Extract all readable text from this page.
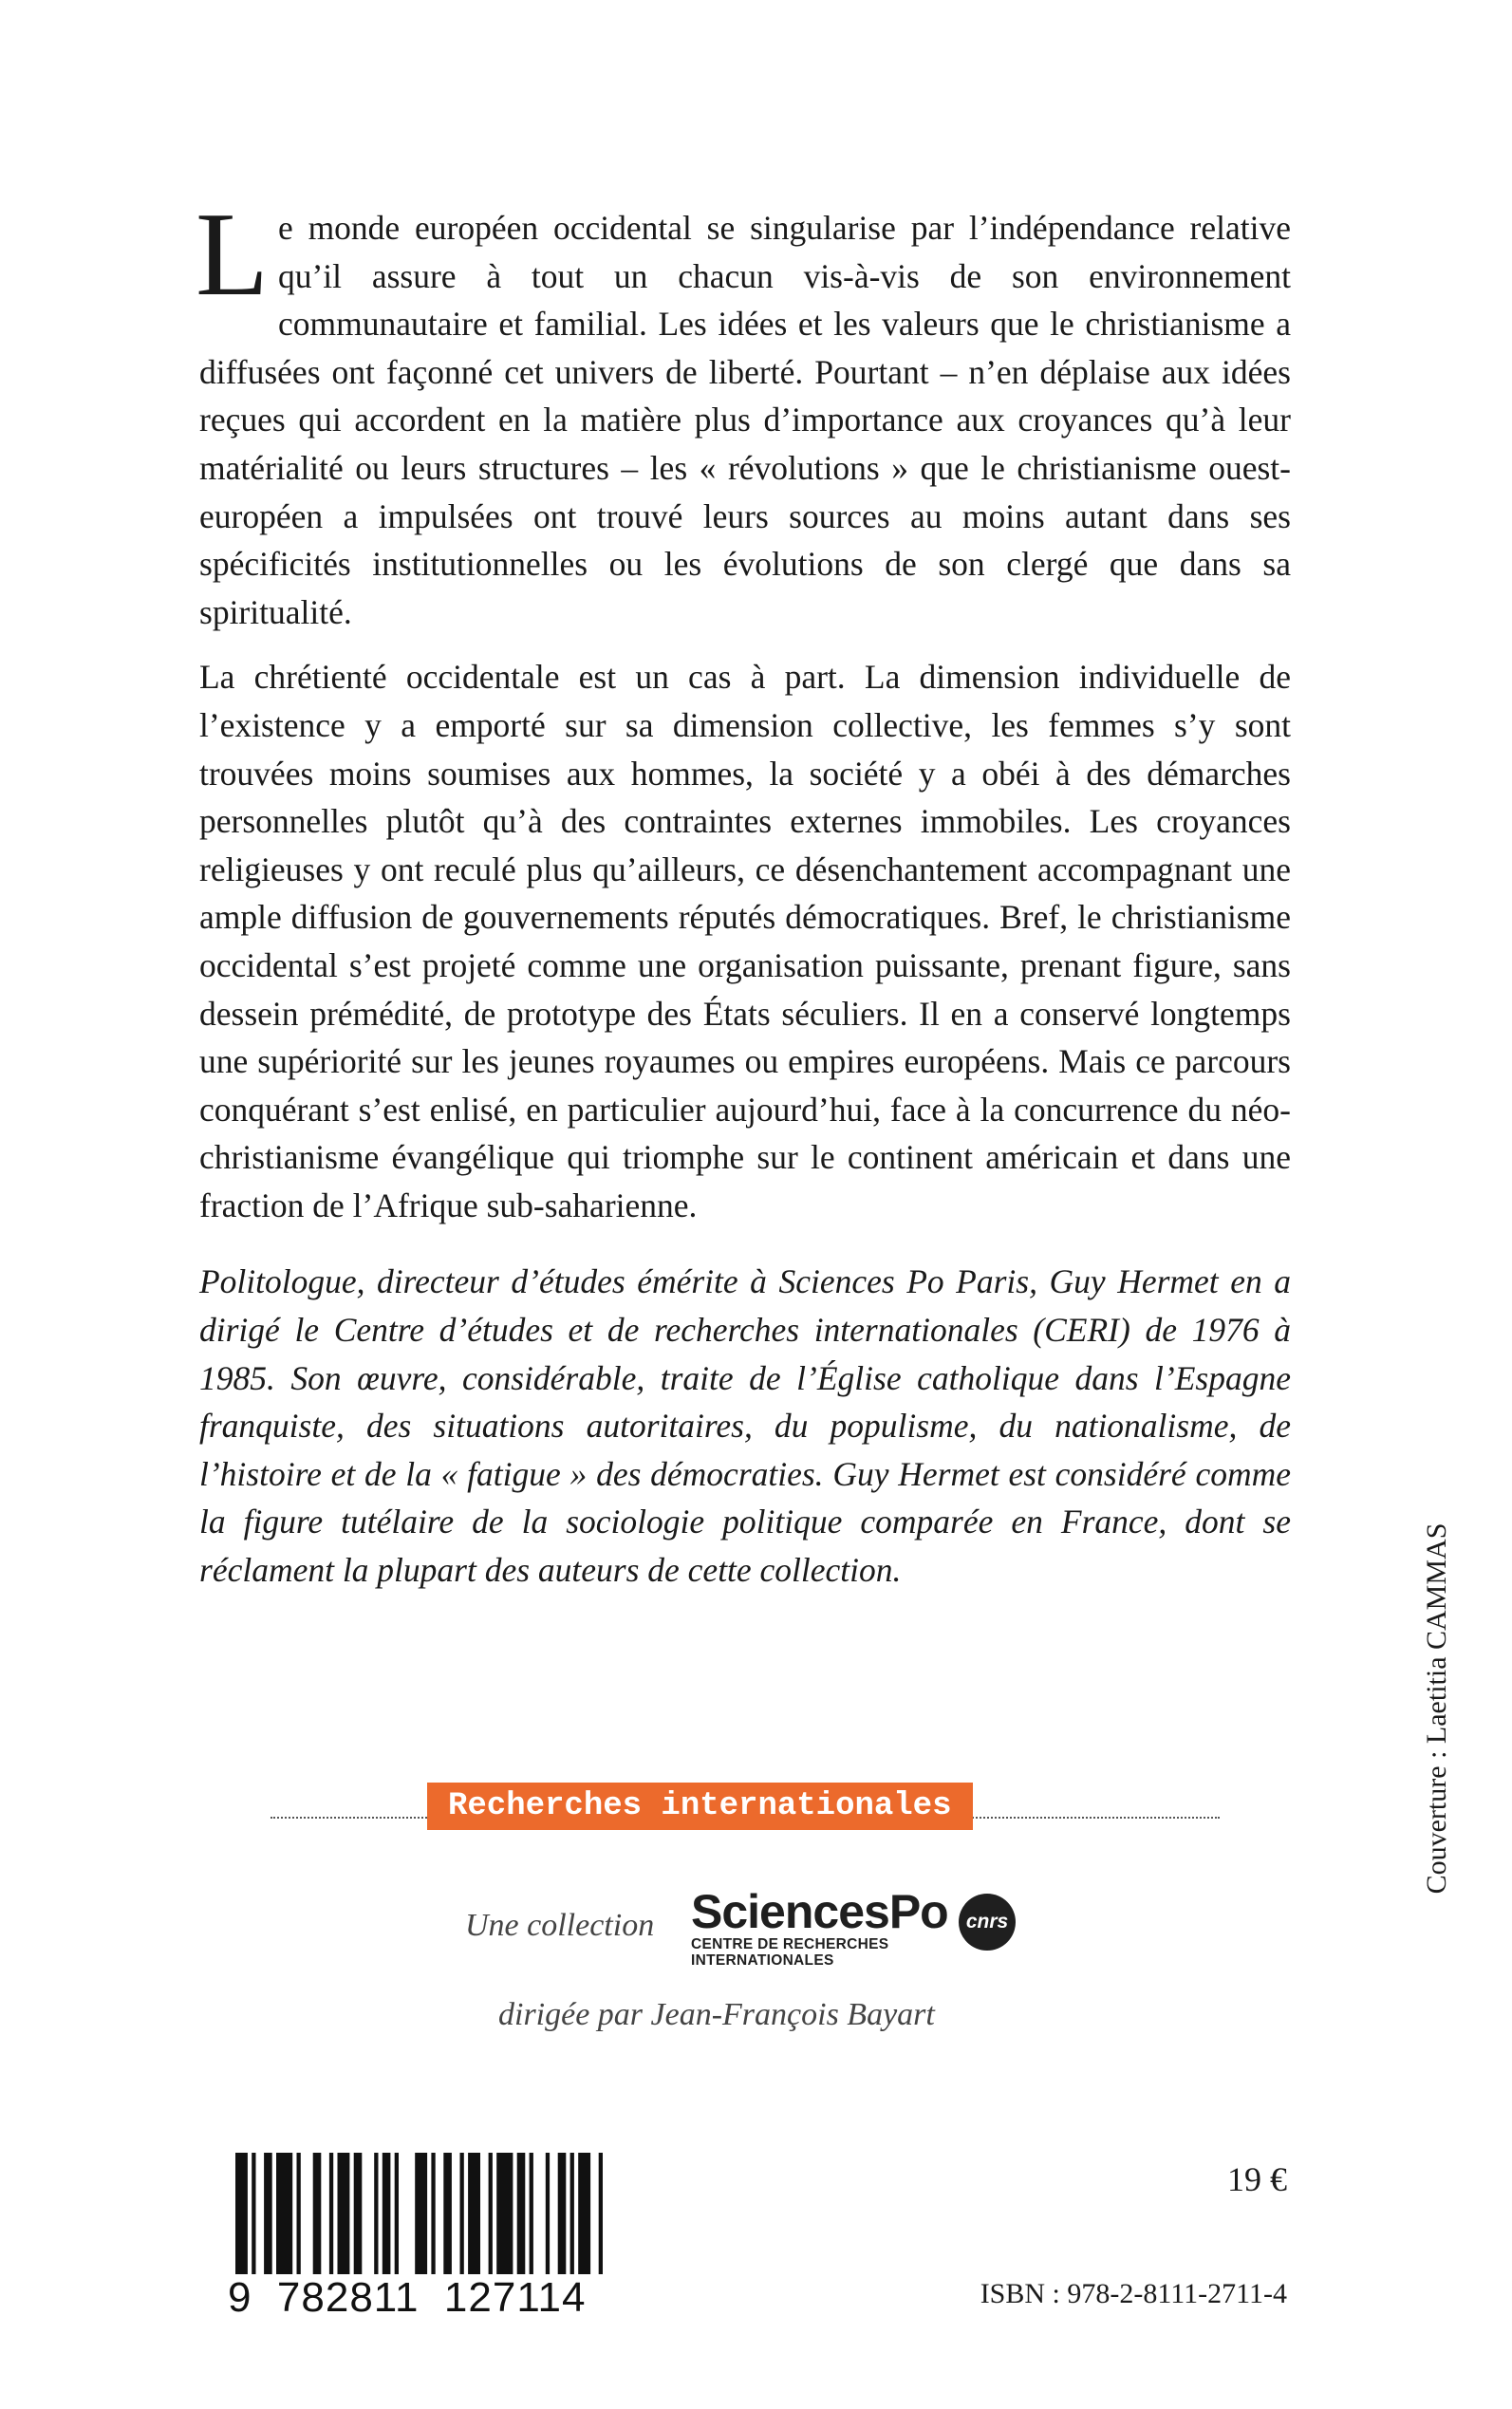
Le monde européen occidental se singularise par l’indépendance relative qu’il assure à tout un chacun vis-à-vis de son environnement communautaire et familial. Les idées et les valeurs que le christianisme a diffusées ont façonné cet univers de liberté. Pourtant – n’en déplaise aux idées reçues qui accordent en la matière plus d’importance aux croyances qu’à leur matérialité ou leurs structures – les « révolutions » que le christianisme ouest-européen a impulsées ont trouvé leurs sources au moins autant dans ses spécificités institutionnelles ou les évolutions de son clergé que dans sa spiritualité.

La chrétienté occidentale est un cas à part. La dimension individuelle de l’existence y a emporté sur sa dimension collective, les femmes s’y sont trouvées moins soumises aux hommes, la société y a obéi à des démarches personnelles plutôt qu’à des contraintes externes immobiles. Les croyances religieuses y ont reculé plus qu’ailleurs, ce désenchantement accompagnant une ample diffusion de gouvernements réputés démocratiques. Bref, le christianisme occidental s’est projeté comme une organisation puissante, prenant figure, sans dessein prémédité, de prototype des États séculiers. Il en a conservé longtemps une supériorité sur les jeunes royaumes ou empires européens. Mais ce parcours conquérant s’est enlisé, en particulier aujourd’hui, face à la concurrence du néo-christianisme évangélique qui triomphe sur le continent américain et dans une fraction de l’Afrique sub-saharienne.

Politologue, directeur d’études émérite à Sciences Po Paris, Guy Hermet en a dirigé le Centre d’études et de recherches internationales (CERI) de 1976 à 1985. Son œuvre, considérable, traite de l’Église catholique dans l’Espagne franquiste, des situations autoritaires, du populisme, du nationalisme, de l’histoire et de la « fatigue » des démocraties. Guy Hermet est considéré comme la figure tutélaire de la sociologie politique comparée en France, dont se réclament la plupart des auteurs de cette collection.

Recherches internationales
Une collection SciencesPo
CENTRE DE RECHERCHES
INTERNATIONALES
cnrs
dirigée par Jean-François Bayart
9  782811  127114
19 €
ISBN : 978-2-8111-2711-4
Couverture : Laetitia CAMMAS
